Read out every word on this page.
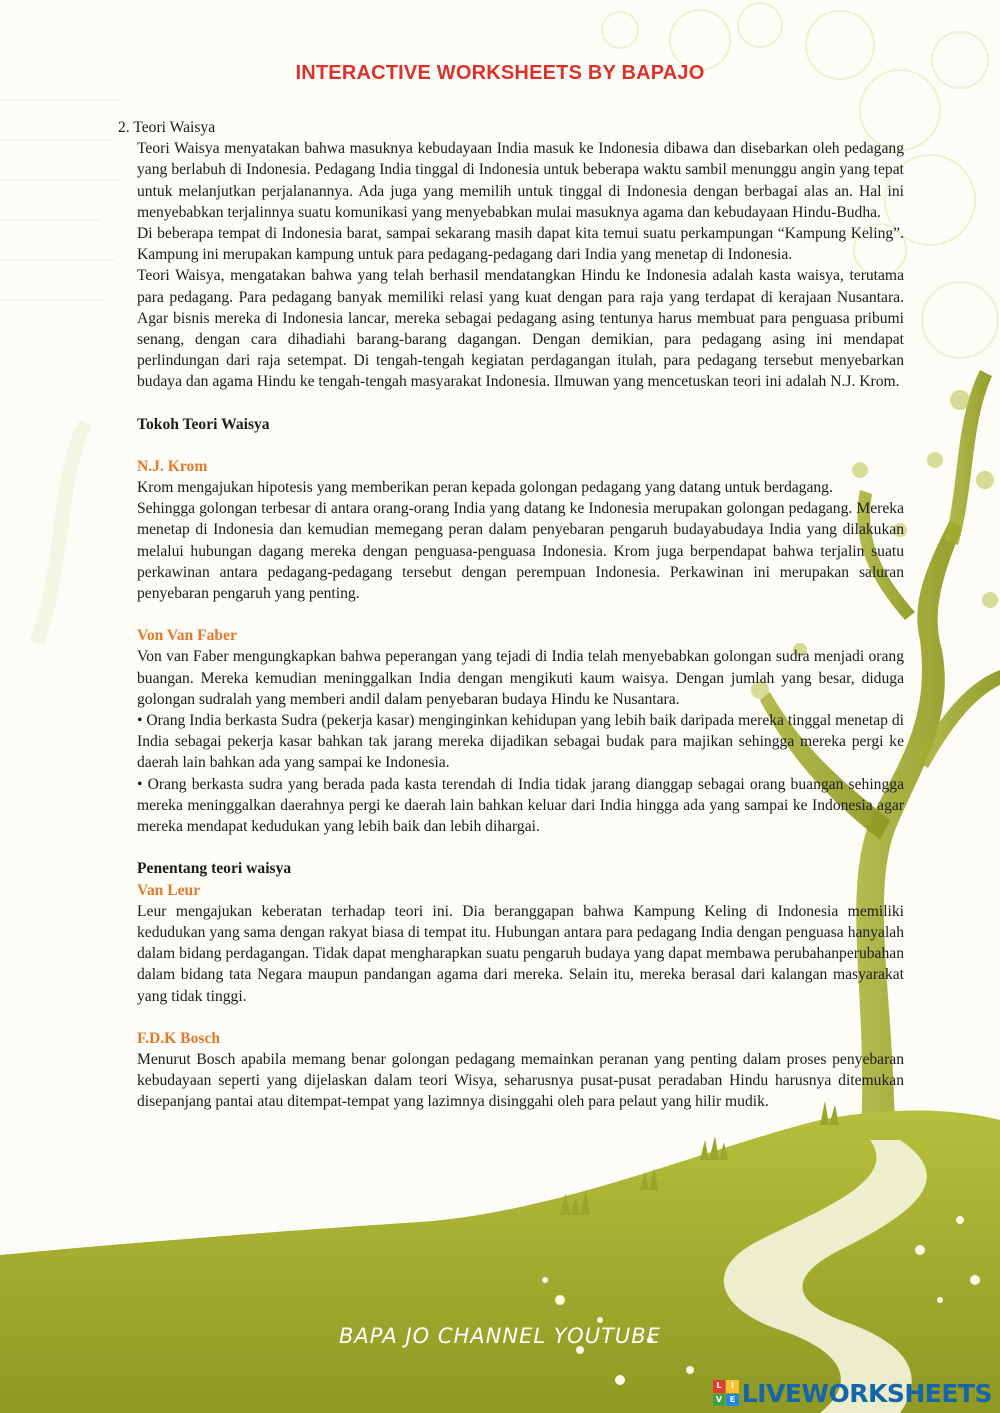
INTERACTIVE WORKSHEETS BY BAPAJO

2. Teori Waisya

Teori Waisya menyatakan bahwa masuknya kebudayaan India masuk ke Indonesia dibawa dan disebarkan oleh pedagang yang berlabuh di Indonesia. Pedagang India tinggal di Indonesia untuk beberapa waktu sambil menunggu angin yang tepat untuk melanjutkan perjalanannya. Ada juga yang memilih untuk tinggal di Indonesia dengan berbagai alas an. Hal ini menyebabkan terjalinnya suatu komunikasi yang menyebabkan mulai masuknya agama dan kebudayaan Hindu-Budha.

Di beberapa tempat di Indonesia barat, sampai sekarang masih dapat kita temui suatu perkampungan “Kampung Keling”. Kampung ini merupakan kampung untuk para pedagang-pedagang dari India yang menetap di Indonesia.

Teori Waisya, mengatakan bahwa yang telah berhasil mendatangkan Hindu ke Indonesia adalah kasta waisya, terutama para pedagang. Para pedagang banyak memiliki relasi yang kuat dengan para raja yang terdapat di kerajaan Nusantara. Agar bisnis mereka di Indonesia lancar, mereka sebagai pedagang asing tentunya harus membuat para penguasa pribumi senang, dengan cara dihadiahi barang-barang dagangan. Dengan demikian, para pedagang asing ini mendapat perlindungan dari raja setempat. Di tengah-tengah kegiatan perdagangan itulah, para pedagang tersebut menyebarkan budaya dan agama Hindu ke tengah-tengah masyarakat Indonesia. Ilmuwan yang mencetuskan teori ini adalah N.J. Krom.

Tokoh Teori Waisya

N.J. Krom

Krom mengajukan hipotesis yang memberikan peran kepada golongan pedagang yang datang untuk berdagang.

Sehingga golongan terbesar di antara orang-orang India yang datang ke Indonesia merupakan golongan pedagang. Mereka menetap di Indonesia dan kemudian memegang peran dalam penyebaran pengaruh budayabudaya India yang dilakukan melalui hubungan dagang mereka dengan penguasa-penguasa Indonesia. Krom juga berpendapat bahwa terjalin suatu perkawinan antara pedagang-pedagang tersebut dengan perempuan Indonesia. Perkawinan ini merupakan saluran penyebaran pengaruh yang penting.

Von Van Faber

Von van Faber mengungkapkan bahwa peperangan yang tejadi di India telah menyebabkan golongan sudra menjadi orang buangan. Mereka kemudian meninggalkan India dengan mengikuti kaum waisya. Dengan jumlah yang besar, diduga golongan sudralah yang memberi andil dalam penyebaran budaya Hindu ke Nusantara.

• Orang India berkasta Sudra (pekerja kasar) menginginkan kehidupan yang lebih baik daripada mereka tinggal menetap di India sebagai pekerja kasar bahkan tak jarang mereka dijadikan sebagai budak para majikan sehingga mereka pergi ke daerah lain bahkan ada yang sampai ke Indonesia.

• Orang berkasta sudra yang berada pada kasta terendah di India tidak jarang dianggap sebagai orang buangan sehingga mereka meninggalkan daerahnya pergi ke daerah lain bahkan keluar dari India hingga ada yang sampai ke Indonesia agar mereka mendapat kedudukan yang lebih baik dan lebih dihargai.

Penentang teori waisya

Van Leur

Leur mengajukan keberatan terhadap teori ini. Dia beranggapan bahwa Kampung Keling di Indonesia memiliki kedudukan yang sama dengan rakyat biasa di tempat itu. Hubungan antara para pedagang India dengan penguasa hanyalah dalam bidang perdagangan. Tidak dapat mengharapkan suatu pengaruh budaya yang dapat membawa perubahanperubahan dalam bidang tata Negara maupun pandangan agama dari mereka. Selain itu, mereka berasal dari kalangan masyarakat yang tidak tinggi.

F.D.K Bosch

Menurut Bosch apabila memang benar golongan pedagang memainkan peranan yang penting dalam proses penyebaran kebudayaan seperti yang dijelaskan dalam teori Wisya, seharusnya pusat-pusat peradaban Hindu harusnya ditemukan disepanjang pantai atau ditempat-tempat yang lazimnya disinggahi oleh para pelaut yang hilir mudik.

BAPA JO CHANNEL YOUTUBE
L	I
V E LIVEWORKSHEETS
